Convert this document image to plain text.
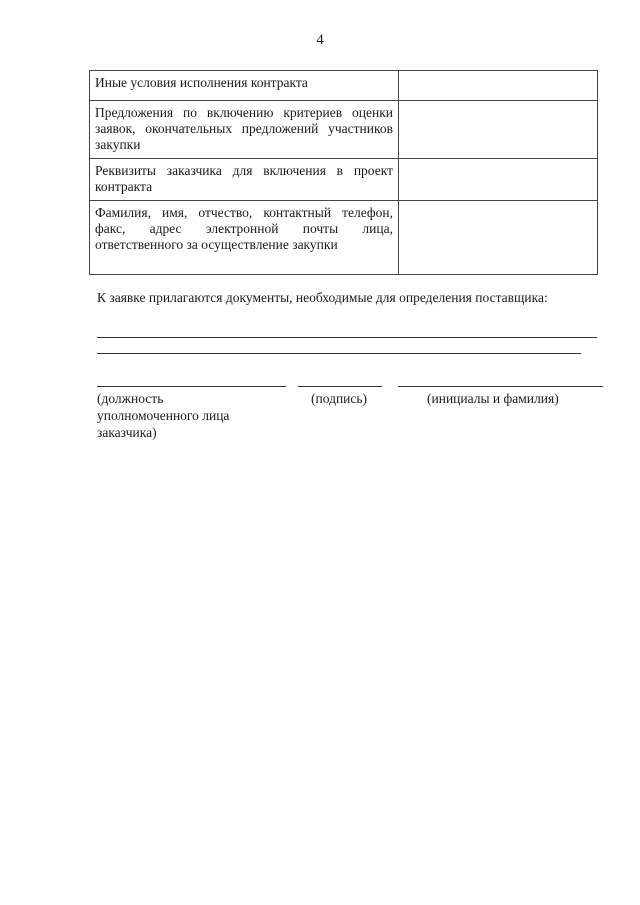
4
Иные условия исполнения контракта	
Предложения по включению критериев оценки заявок, окончательных предложений участников закупки	
Реквизиты заказчика для включения в проект контракта	
Фамилия, имя, отчество, контактный телефон, факс, адрес электронной почты лица, ответственного за осуществление закупки	
К заявке прилагаются документы, необходимые для определения поставщика:
(должность уполномоченного лица заказчика)
(подпись)	(инициалы и фамилия)
